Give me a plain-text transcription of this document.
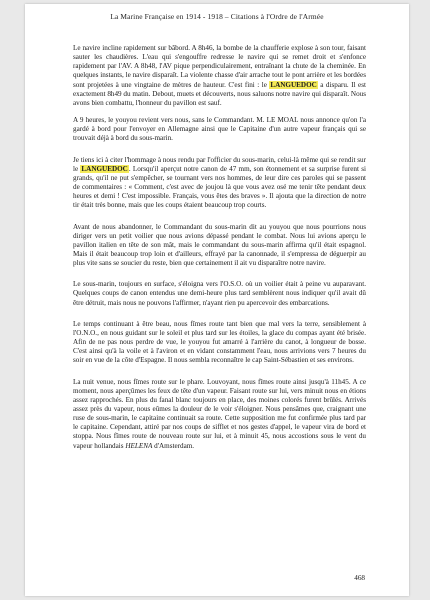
La Marine Française en 1914 - 1918 – Citations à l'Ordre de l'Armée

Le navire incline rapidement sur bâbord. A 8h46, la bombe de la chaufferie explose à son tour, faisant sauter les chaudières. L'eau qui s'engouffre redresse le navire qui se remet droit et s'enfonce rapidement par l'AV. A 8h48, l'AV pique perpendiculairement, entraînant la chute de la cheminée. En quelques instants, le navire disparaît. La violente chasse d'air arrache tout le pont arrière et les bordées sont projetées à une vingtaine de mètres de hauteur. C'est fini : le LANGUEDOC a disparu. Il est exactement 8h49 du matin. Debout, muets et découverts, nous saluons notre navire qui disparaît. Nous avons bien combattu, l'honneur du pavillon est sauf.

A 9 heures, le youyou revient vers nous, sans le Commandant. M. LE MOAL nous annonce qu'on l'a gardé à bord pour l'envoyer en Allemagne ainsi que le Capitaine d'un autre vapeur français qui se trouvait déjà à bord du sous-marin.

Je tiens ici à citer l'hommage à nous rendu par l'officier du sous-marin, celui-là même qui se rendit sur le LANGUEDOC. Lorsqu'il aperçut notre canon de 47 mm, son étonnement et sa surprise furent si grands, qu'il ne put s'empêcher, se tournant vers nos hommes, de leur dire ces paroles qui se passent de commentaires : « Comment, c'est avec de joujou là que vous avez osé me tenir tête pendant deux heures et demi ! C'est impossible. Français, vous êtes des braves ». Il ajouta que la direction de notre tir était très bonne, mais que les coups étaient beaucoup trop courts.

Avant de nous abandonner, le Commandant du sous-marin dit au youyou que nous pourrions nous diriger vers un petit voilier que nous avions dépassé pendant le combat. Nous lui avions aperçu le pavillon italien en tête de son mât, mais le commandant du sous-marin affirma qu'il était espagnol. Mais il était beaucoup trop loin et d'ailleurs, effrayé par la canonnade, il s'empressa de déguerpir au plus vite sans se soucier du reste, bien que certainement il ait vu disparaître notre navire.

Le sous-marin, toujours en surface, s'éloigna vers l'O.S.O. où un voilier était à peine vu auparavant. Quelques coups de canon entendus une demi-heure plus tard semblèrent nous indiquer qu'il avait dû être détruit, mais nous ne pouvons l'affirmer, n'ayant rien pu apercevoir des embarcations.

Le temps continuant à être beau, nous fîmes route tant bien que mal vers la terre, sensiblement à l'O.N.O., en nous guidant sur le soleil et plus tard sur les étoiles, la glace du compas ayant été brisée. Afin de ne pas nous perdre de vue, le youyou fut amarré à l'arrière du canot, à longueur de bosse. C'est ainsi qu'à la voile et à l'aviron et en vidant constamment l'eau, nous arrivions vers 7 heures du soir en vue de la côte d'Espagne. Il nous sembla reconnaître le cap Saint-Sébastien et ses environs.

La nuit venue, nous fîmes route sur le phare. Louvoyant, nous fîmes route ainsi jusqu'à 11h45. A ce moment, nous aperçûmes les feux de tête d'un vapeur. Faisant route sur lui, vers minuit nous en étions assez rapprochés. En plus du fanal blanc toujours en place, des moines colorés furent brûlés. Arrivés assez près du vapeur, nous eûmes la douleur de le voir s'éloigner. Nous pensâmes que, craignant une ruse de sous-marin, le capitaine continuait sa route. Cette supposition me fut confirmée plus tard par le capitaine. Cependant, attiré par nos coups de sifflet et nos gestes d'appel, le vapeur vira de bord et stoppa. Nous fîmes route de nouveau route sur lui, et à minuit 45, nous accostions sous le vent du vapeur hollandais HELENA d'Amsterdam.

468
